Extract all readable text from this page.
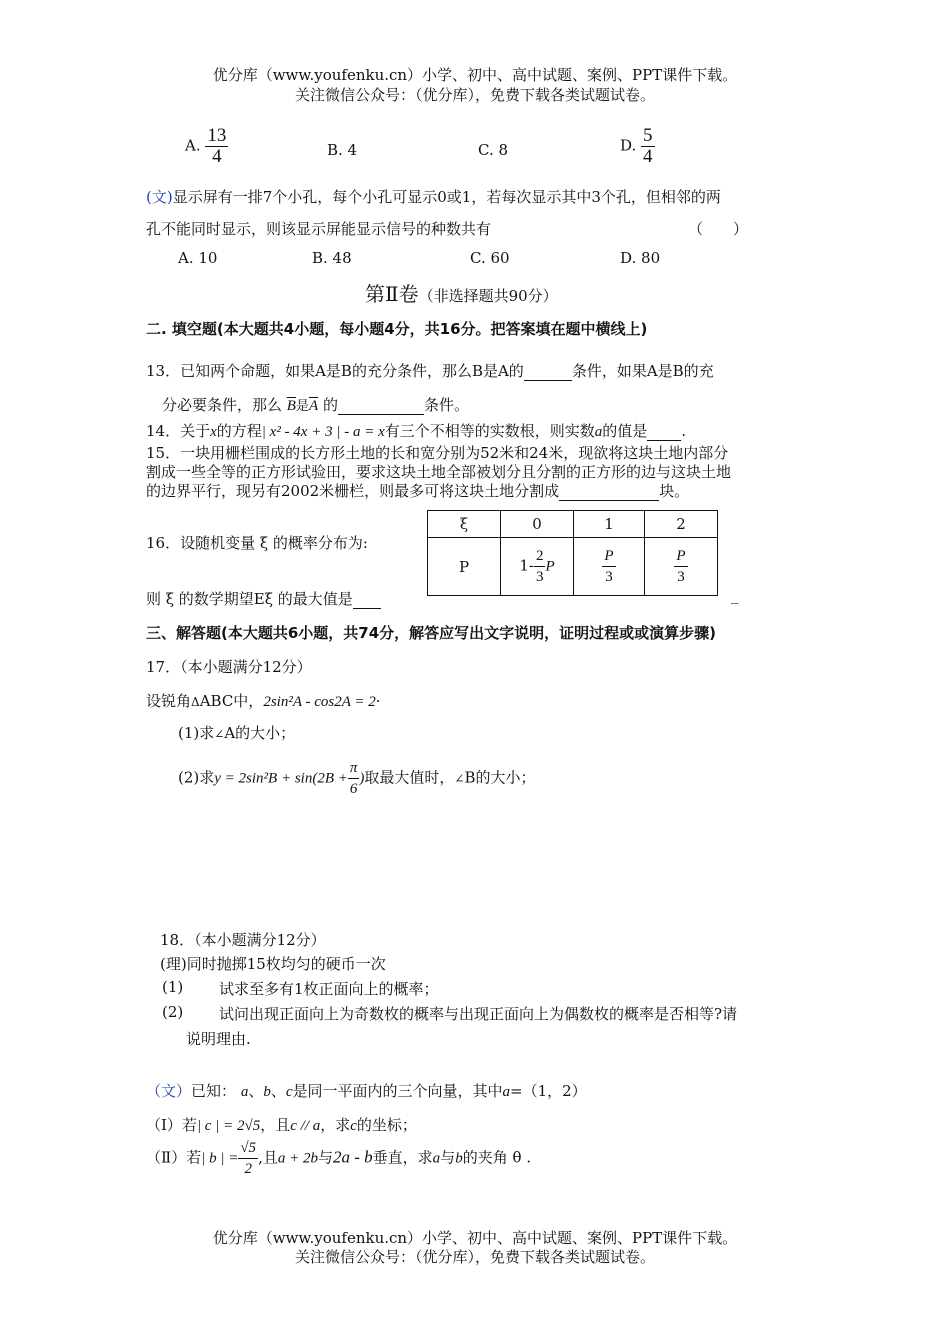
优分库（www.youfenku.cn）小学、初中、高中试题、案例、PPT课件下载。
关注微信公众号：（优分库），免费下载各类试题试卷。
A. $\frac{13}{4}$	B. 4	C. 8	D. $\frac{5}{4}$
(文)显示屏有一排7个小孔，每个小孔可显示0或1，若每次显示其中3个孔，但相邻的两
孔不能同时显示，则该显示屏能显示信号的种数共有	（　　）
A. 10	B. 48	C. 60	D. 80
第Ⅱ卷（非选择题共90分）
二. 填空题(本大题共4小题，每小题4分，共16分。把答案填在题中横线上)
13．已知两个命题，如果A是B的充分条件，那么B是A的	条件，如果A是B的充
分必要条件，那么 $\overline{B}$是$\overline{A}$ 的	条件。
14．关于x的方程| x² - 4x + 3 | - a = x有三个不相等的实数根，则实数a的值是 .
15．一块用栅栏围成的长方形土地的长和宽分别为52米和24米，现欲将这块土地内部分
割成一些全等的正方形试验田，要求这块土地全部被划分且分割的正方形的边与这块土地
的边界平行，现另有2002米栅栏，则最多可将这块土地分割成	块。
16．设随机变量 ξ 的概率分布为:
ξ	0	1	2
P	$1- \frac{2}{3}$ P	$\frac{P}{3}$	$\frac{P}{3}$
则 ξ 的数学期望Eξ 的最大值是	_
三、解答题(本大题共6小题，共74分，解答应写出文字说明，证明过程或或演算步骤)
17．（本小题满分12分）
设锐角ΔABC中，2sin²A - cos2A = 2·
(1)求∠A的大小；
(2)求$y = 2\sin^2B + \sin(2B + \frac{\pi}{6}$ )取最大值时，∠B的大小；
18．（本小题满分12分）
(理)同时抛掷15枚均匀的硬币一次
(1) 试求至多有1枚正面向上的概率；
(2) 试问出现正面向上为奇数枚的概率与出现正面向上为偶数枚的概率是否相等?请
说明理由.
（文）已知： a、b、c是同一平面内的三个向量，其中a=（1，2）
（Ⅰ）若| c | = 2√5，且c // a，求c的坐标；
（Ⅱ）若| b | = $\frac{√5}{2}$ ,且a + 2b与2a - b垂直，求a与b的夹角 θ .
优分库（www.youfenku.cn）小学、初中、高中试题、案例、PPT课件下载。
关注微信公众号：（优分库），免费下载各类试题试卷。
